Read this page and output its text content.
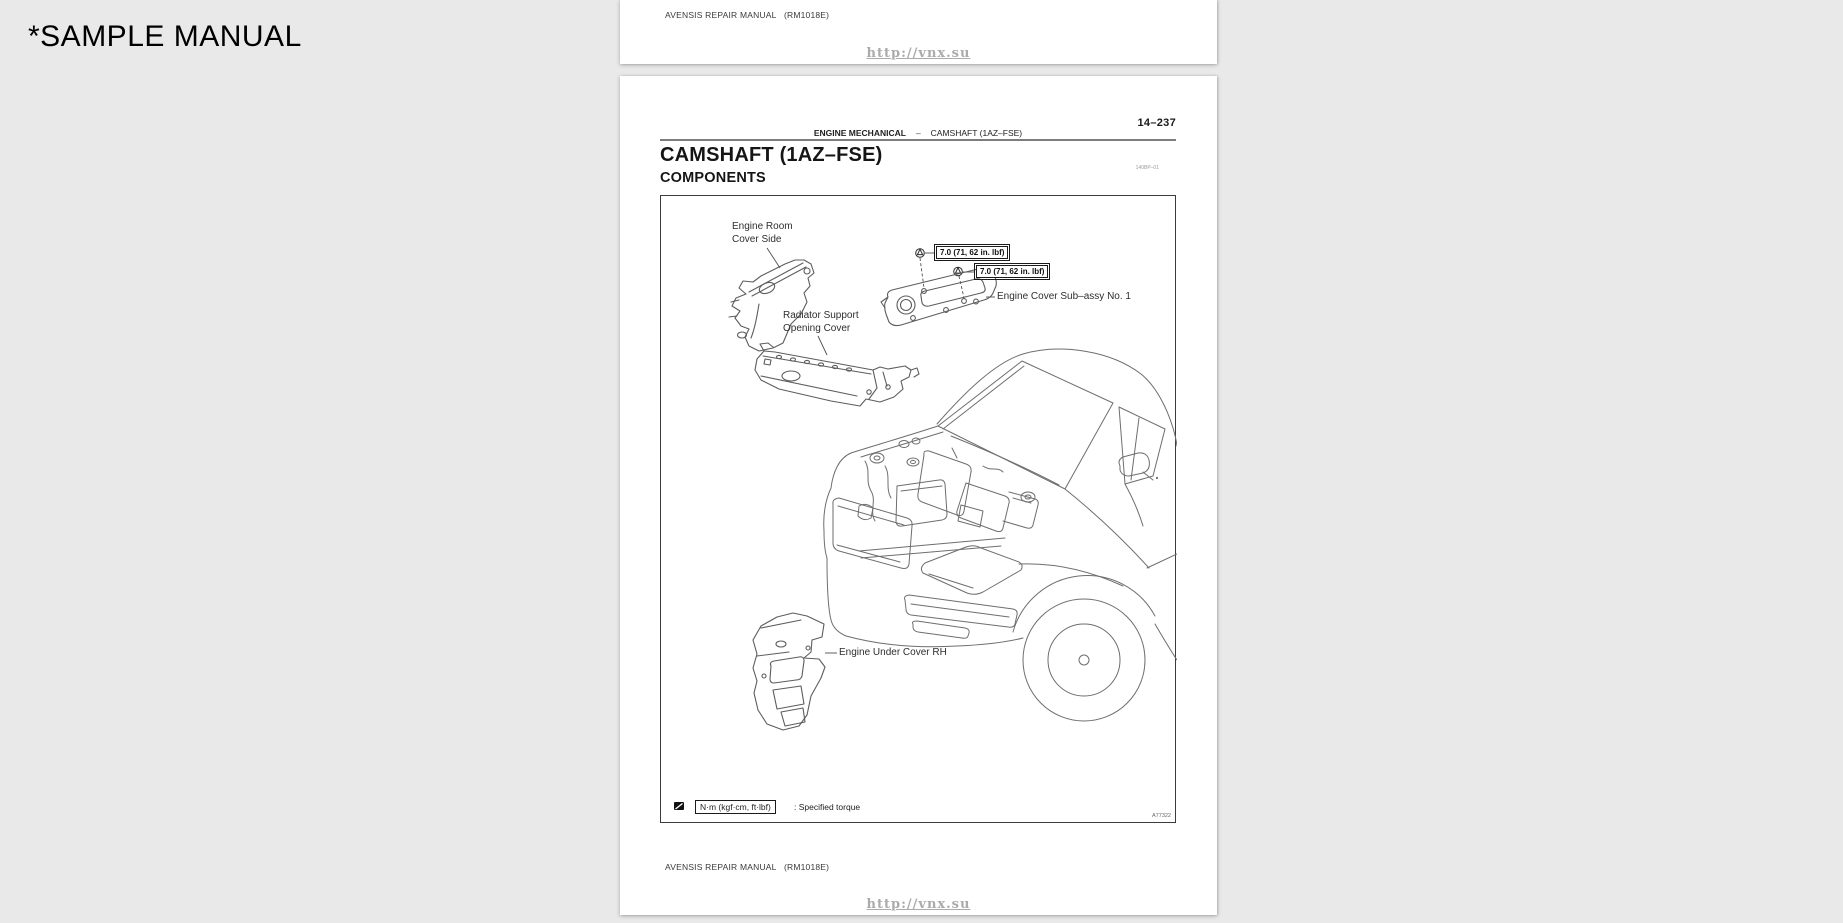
*SAMPLE MANUAL
AVENSIS REPAIR MANUAL   (RM1018E)
http://vnx.su
14–237
ENGINE MECHANICAL – CAMSHAFT (1AZ–FSE)
CAMSHAFT (1AZ–FSE)
COMPONENTS
140BP–01
Engine Room
Cover Side
7.0 (71, 62 in. lbf)
7.0 (71, 62 in. lbf)
Engine Cover Sub–assy No. 1
Radiator Support
Opening Cover
Engine Under Cover RH
N·m (kgf·cm, ft·lbf)	: Specified torque
A77322
AVENSIS REPAIR MANUAL   (RM1018E)
http://vnx.su
